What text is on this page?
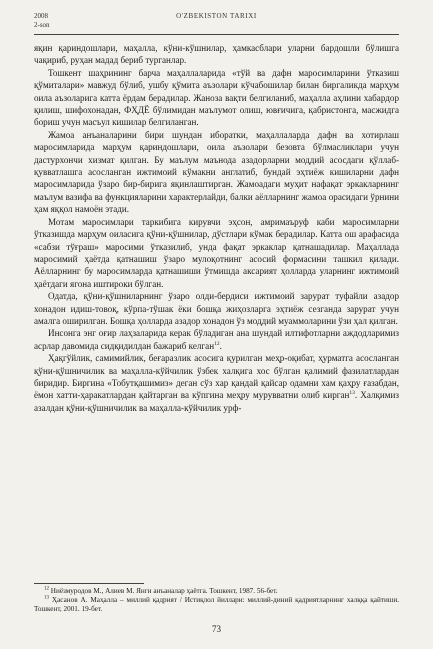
2008
2-son
O'ZBEKISTON TARIXI

яқин қариндошлари, маҳалла, кўни-кўшнилар, ҳамкасблари уларни бардошли бўлишга чақириб, руҳан мадад бериб турганлар.

Тошкент шаҳрининг барча маҳаллаларида «тўй ва дафн маросимларини ўтказиш қўмиталари» мавжуд бўлиб, ушбу қўмита аъзолари кўчабошилар билан биргаликда марҳум оила аъзоларига катта ёрдам берадилар. Жаноза вақти белгиланиб, маҳалла аҳлини хабардор қилиш, шифохонадан, ФҲДЁ бўлимидан маълумот олиш, ювғичига, қабристонга, масжидга бориш учун масъул кишилар белгиланган.

Жамоа анъаналарини бири шундан иборатки, маҳаллаларда дафн ва хотирлаш маросимларида марҳум қариндошлари, оила аъзолари безовта бўлмасликлари учун дастурхончи хизмат қилган. Бу маълум маънода азадорларни моддий асосдаги қўллаб-қувватлашга асосланган ижтимоий кўмакни англатиб, бундай эҳтиёж кишиларни дафн маросимларида ўзаро бир-бирига яқинлаштирган. Жамоадаги муҳит нафақат эркакларнинг маълум вазифа ва функцияларини характерлайди, балки аёлларнинг жамоа орасидаги ўрнини ҳам яққол намоён этади.

Мотам маросимлари таркибига кирувчи эҳсон, амримаъруф каби маросимларни ўтказишда марҳум оиласига қўни-қўшнилар, дўстлари кўмак берадилар. Катта ош арафасида «сабзи тўғраш» маросими ўтказилиб, унда фақат эркаклар қатнашадилар. Маҳаллада маросимий ҳаётда қатнашиш ўзаро мулоқотнинг асосий формасини ташкил қилади. Аёлларнинг бу маросимларда қатнашиши ўтмишда аксарият ҳолларда уларнинг ижтимоий ҳаётдаги ягона иштироки бўлган.

Одатда, қўни-қўшниларнинг ўзаро олди-бердиси ижтимоий зарурат туфайли азадор хонадон идиш-товоқ, кўрпа-тўшак ёки бошқа жиҳозларга эҳтиёж сезганда зарурат учун амалга оширилган. Бошқа ҳолларда азадор хонадон ўз моддий муаммоларини ўзи ҳал қилган.

Инсонга энг оғир лаҳзаларида керак бўладиган ана шундай илтифотларни аждодларимиз асрлар давомида сидқидилдан бажариб келган$^{12}$.

Ҳақгўйлик, самимийлик, беғаразлик асосига қурилган меҳр-оқибат, ҳурматга асосланган қўни-қўшничилик ва маҳалла-кўйчилик ўзбек халқига хос бўлган қалимий фазилатлардан биридир. Биргина «Тобутқашимиз» деган сўз хар қандай қайсар одамни хам қаҳру ғазабдан, ёмон хатти-ҳаракатлардан қайтарган ва кўпгина меҳру мурувватни олиб кирган$^{13}$. Халқимиз азалдан қўни-қўшничилик ва маҳалла-кўйчилик урф-

$^{12}$ Ниёзмуродов М., Алиев М. Янги анъаналар ҳаётга. Тошкент, 1987. 56-бет.

$^{13}$ Ҳасанов А. Маҳалла – миллий қадрият / Истиқлол йиллари: миллий-диний қадриятларнинг халққа қайтиши. Тошкент, 2001. 19-бет.

73
